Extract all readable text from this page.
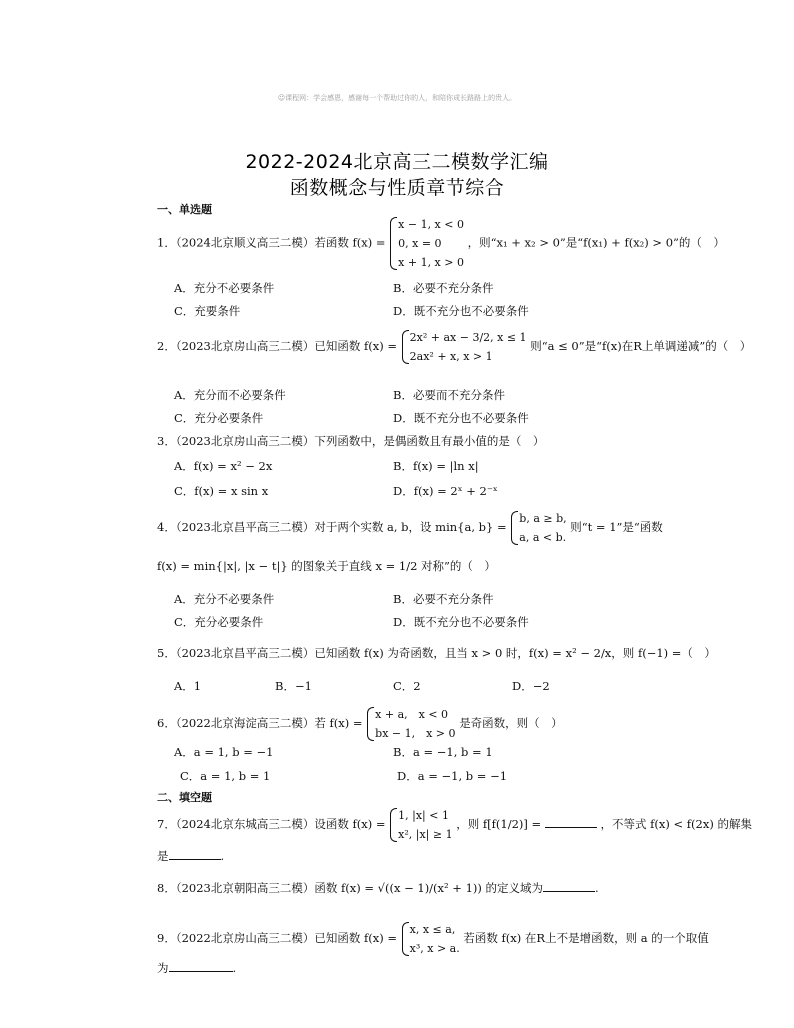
☺课程网：学会感恩，感谢每一个帮助过你的人，和陪你成长路路上的贵人。
2022-2024北京高三二模数学汇编
函数概念与性质章节综合
一、单选题
1．（2024北京顺义高三二模）若函数 f(x) = x − 1, x < 0
0, x = 0
x + 1, x > 0 ，则“x₁ + x₂ > 0”是“f(x₁) + f(x₂) > 0”的（　）
A．充分不必要条件	B．必要不充分条件
C．充要条件	D．既不充分也不必要条件
2．（2023北京房山高三二模）已知函数 f(x) = 2x² + ax − 3/2, x ≤ 1
2ax² + x, x > 1 则“a ≤ 0”是“f(x)在R上单调递减”的（　）
A．充分而不必要条件	B．必要而不充分条件
C．充分必要条件	D．既不充分也不必要条件
3．（2023北京房山高三二模）下列函数中，是偶函数且有最小值的是（　）
A．f(x) = x² − 2x	B．f(x) = |ln x|
C．f(x) = x sin x	D．f(x) = 2ˣ + 2⁻ˣ
4．（2023北京昌平高三二模）对于两个实数 a, b，设 min{a, b} = b, a ≥ b,
a, a < b. 则“t = 1”是“函数
f(x) = min{|x|, |x − t|} 的图象关于直线 x = 1/2 对称”的（　）
A．充分不必要条件	B．必要不充分条件
C．充分必要条件	D．既不充分也不必要条件
5．（2023北京昌平高三二模）已知函数 f(x) 为奇函数，且当 x > 0 时，f(x) = x² − 2/x，则 f(−1) =（　）
A．1	B．−1	C．2	D．−2
6．（2022北京海淀高三二模）若 f(x) = x + a,　x < 0
bx − 1,　x > 0 是奇函数，则（　）
A．a = 1, b = −1	B．a = −1, b = 1
C．a = 1, b = 1	D．a = −1, b = −1
二、填空题
7．（2024北京东城高三二模）设函数 f(x) = 1, |x| < 1
x², |x| ≥ 1 ，则 f[f(1/2)] =	，不等式 f(x) < f(2x) 的解集
是	.
8．（2023北京朝阳高三二模）函数 f(x) = √((x − 1)/(x² + 1)) 的定义域为	.
9．（2022北京房山高三二模）已知函数 f(x) = x, x ≤ a,
x³, x > a. 若函数 f(x) 在R上不是增函数，则 a 的一个取值
为	.
